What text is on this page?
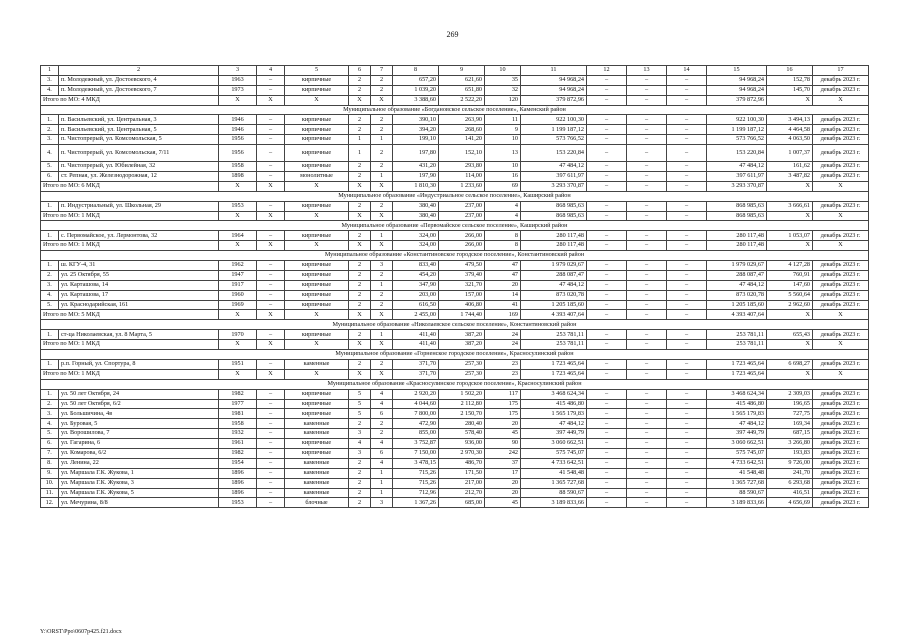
269
1	2	3	4	5	6	7	8	9	10	11	12	13	14	15	16	17
3.	п. Молодежный, ул. Достоевского, 4	1963	–	кирпичные	2	2	657,20	621,60	35	94 968,24	–	–	–	94 968,24	152,78	декабрь 2023 г.
4.	п. Молодежный, ул. Достоевского, 7	1973	–	кирпичные	2	2	1 039,20	651,80	32	94 968,24	–	–	–	94 968,24	145,70	декабрь 2023 г.
Итого по МО: 4 МКД		X	X	X	X	X	3 388,60	2 522,20	120	379 872,96	–	–	–	379 872,96	X	X
Муниципальное образование «Богдановское сельское поселение», Каменский район																
1.	п. Васильевский, ул. Центральная, 3	1946	–	кирпичные	2	2	390,10	263,90	11	922 100,30	–	–	–	922 100,30	3 494,13	декабрь 2023 г.
2.	п. Васильевский, ул. Центральная, 5	1946	–	кирпичные	2	2	394,20	268,60	9	1 199 187,12	–	–	–	1 199 187,12	4 464,58	декабрь 2023 г.
3.	п. Чистопрерый, ул. Комсомольская, 5	1956	–	кирпичные	1	1	199,10	141,20	10	573 766,52	–	–	–	573 766,52	4 063,50	декабрь 2023 г.
4.	п. Чистопрерый, ул. Комсомольская, 7/11	1956	–	кирпичные	1	2	197,80	152,10	13	153 220,84	–	–	–	153 220,84	1 007,37	декабрь 2023 г.
5.	п. Чистопрерый, ул. Юбилейная, 32	1958	–	кирпичные	2	2	431,20	293,80	10	47 484,12	–	–	–	47 484,12	161,62	декабрь 2023 г.
6.	ст. Репная, ул. Железнодорожная, 12	1898	–	монолитные	2	1	197,90	114,00	16	397 611,97	–	–	–	397 611,97	3 487,82	декабрь 2023 г.
Итого по МО: 6 МКД		X	X	X	X	X	1 810,30	1 233,60	69	3 293 370,87	–	–	–	3 293 370,87	X	X
Муниципальное образование «Индустриальное сельское поселение», Каширский район																
1.	п. Индустриальный, ул. Школьная, 29	1953	–	кирпичные	2	2	380,40	237,00	4	868 985,63	–	–	–	868 985,63	3 666,61	декабрь 2023 г.
Итого по МО: 1 МКД		X	X	X	X	X	380,40	237,00	4	868 985,63	–	–	–	868 985,63	X	X
Муниципальное образование «Первомайское сельское поселение», Каширский район																
1.	с. Первомайское, ул. Лермонтова, 32	1964	–	кирпичные	2	1	324,00	266,00	8	280 117,48	–	–	–	280 117,48	1 053,07	декабрь 2023 г.
Итого по МО: 1 МКД		X	X	X	X	X	324,00	266,00	8	280 117,48	–	–	–	280 117,48	X	X
Муниципальное образование «Константиновское городское поселение», Константиновский район																
1.	ш. КГУ-4, 31	1962	–	кирпичные	2	3	833,40	479,50	47	1 979 029,67	–	–	–	1 979 029,67	4 127,28	декабрь 2023 г.
2.	ул. 25 Октября, 55	1947	–	кирпичные	2	2	454,20	379,40	47	288 087,47	–	–	–	288 087,47	760,91	декабрь 2023 г.
3.	ул. Карташова, 14	1917	–	кирпичные	2	1	347,90	321,70	20	47 484,12	–	–	–	47 484,12	147,60	декабрь 2023 г.
4.	ул. Карташова, 17	1960	–	кирпичные	2	2	203,00	157,00	14	873 020,78	–	–	–	873 020,78	5 560,64	декабрь 2023 г.
5.	ул. Краснодарийская, 161	1969	–	кирпичные	2	2	616,50	406,80	41	1 205 185,60	–	–	–	1 205 185,60	2 962,60	декабрь 2023 г.
Итого по МО: 5 МКД		X	X	X	X	X	2 455,00	1 744,40	169	4 393 407,64	–	–	–	4 393 407,64	X	X
Муниципальное образование «Николаевское сельское поселение», Константиновский район																
1.	ст-ца Николаевская, ул. 8 Марта, 5	1970	–	кирпичные	2	1	411,40	387,20	24	253 781,11	–	–	–	253 781,11	655,43	декабрь 2023 г.
Итого по МО: 1 МКД		X	X	X	X	X	411,40	387,20	24	253 781,11	–	–	–	253 781,11	X	X
Муниципальное образование «Горненское городское поселение», Красносулинский район																
1.	р.п. Горный, ул. Спортура, 8	1951	–	каменные	2	2	371,70	257,30	23	1 723 465,64	–	–	–	1 723 465,64	6 698,27	декабрь 2023 г.
Итого по МО: 1 МКД		X	X	X	X	X	371,70	257,30	23	1 723 465,64	–	–	–	1 723 465,64	X	X
Муниципальное образование «Красносулинское городское поселение», Красносулинский район																
1.	ул. 50 лет Октября, 24	1982	–	кирпичные	5	4	2 920,20	1 502,20	117	3 468 624,34	–	–	–	3 468 624,34	2 309,03	декабрь 2023 г.
2.	ул. 50 лет Октября, 6/2	1977	–	кирпичные	5	4	4 044,60	2 112,80	175	415 486,80	–	–	–	415 486,80	196,65	декабрь 2023 г.
3.	ул. Большичина, 4в	1981	–	кирпичные	5	6	7 800,00	2 150,70	175	1 565 179,83	–	–	–	1 565 179,83	727,75	декабрь 2023 г.
4.	ул. Буровая, 5	1958	–	каменные	2	2	472,90	280,40	20	47 484,12	–	–	–	47 484,12	169,34	декабрь 2023 г.
5.	ул. Ворошилова, 7	1932	–	каменные	3	2	855,00	578,40	45	397 449,79	–	–	–	397 449,79	687,15	декабрь 2023 г.
6.	ул. Гагарина, 6	1961	–	кирпичные	4	4	3 752,87	936,00	90	3 060 662,51	–	–	–	3 060 662,51	3 266,80	декабрь 2023 г.
7.	ул. Комарова, 6/2	1982	–	кирпичные	3	6	7 150,00	2 970,30	242	575 745,07	–	–	–	575 745,07	193,83	декабрь 2023 г.
8.	ул. Ленина, 22	1954	–	каменные	2	4	3 478,15	486,70	37	4 733 642,51	–	–	–	4 733 642,51	9 726,00	декабрь 2023 г.
9.	ул. Маршала Г.К. Жукова, 1	1896	–	каменные	2	1	715,26	171,50	17	41 548,48	–	–	–	41 548,48	241,70	декабрь 2023 г.
10.	ул. Маршала Г.К. Жукова, 3	1896	–	каменные	2	1	715,26	217,00	20	1 365 727,68	–	–	–	1 365 727,68	6 293,68	декабрь 2023 г.
11.	ул. Маршала Г.К. Жукова, 5	1896	–	каменные	2	1	712,96	212,70	20	88 590,67	–	–	–	88 590,67	416,51	декабрь 2023 г.
12.	ул. Мечурина, 8/8	1953	–	блочные	2	3	1 367,26	685,00	45	3 189 833,66	–	–	–	3 189 833,66	4 656,69	декабрь 2023 г.
Y:\ORST\Ppo\0607p425.f21.docx
